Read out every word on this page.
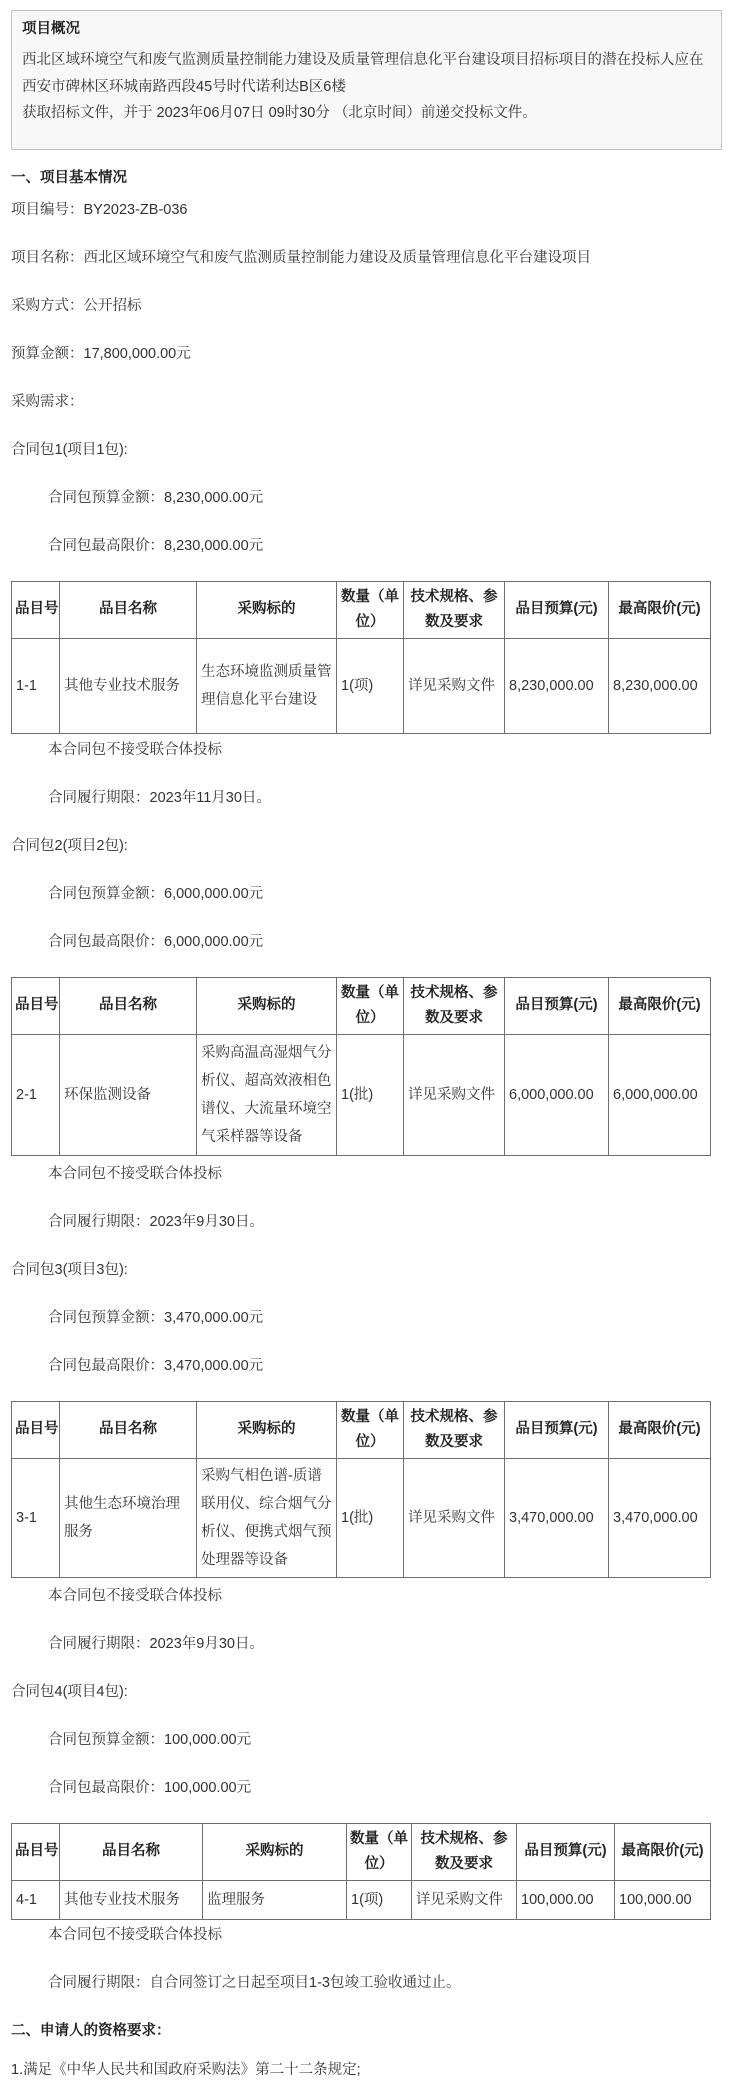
项目概况
西北区域环境空气和废气监测质量控制能力建设及质量管理信息化平台建设项目招标项目的潜在投标人应在
西安市碑林区环城南路西段45号时代诺利达B区6楼
获取招标文件，并于 2023年06月07日 09时30分 （北京时间）前递交投标文件。
一、项目基本情况

项目编号：BY2023-ZB-036

项目名称：西北区域环境空气和废气监测质量控制能力建设及质量管理信息化平台建设项目

采购方式：公开招标

预算金额：17,800,000.00元

采购需求：

合同包1(项目1包):

合同包预算金额：8,230,000.00元

合同包最高限价：8,230,000.00元

品目号	品目名称	采购标的	数量（单位）	技术规格、参数及要求	品目预算(元)	最高限价(元)
1-1	其他专业技术服务	生态环境监测质量管理信息化平台建设	1(项)	详见采购文件	8,230,000.00	8,230,000.00

本合同包不接受联合体投标

合同履行期限：2023年11月30日。

合同包2(项目2包):

合同包预算金额：6,000,000.00元

合同包最高限价：6,000,000.00元

品目号	品目名称	采购标的	数量（单位）	技术规格、参数及要求	品目预算(元)	最高限价(元)
2-1	环保监测设备	采购高温高湿烟气分析仪、超高效液相色谱仪、大流量环境空气采样器等设备	1(批)	详见采购文件	6,000,000.00	6,000,000.00

本合同包不接受联合体投标

合同履行期限：2023年9月30日。

合同包3(项目3包):

合同包预算金额：3,470,000.00元

合同包最高限价：3,470,000.00元

品目号	品目名称	采购标的	数量（单位）	技术规格、参数及要求	品目预算(元)	最高限价(元)
3-1	其他生态环境治理服务	采购气相色谱-质谱联用仪、综合烟气分析仪、便携式烟气预处理器等设备	1(批)	详见采购文件	3,470,000.00	3,470,000.00

本合同包不接受联合体投标

合同履行期限：2023年9月30日。

合同包4(项目4包):

合同包预算金额：100,000.00元

合同包最高限价：100,000.00元

品目号	品目名称	采购标的	数量（单位）	技术规格、参数及要求	品目预算(元)	最高限价(元)
4-1	其他专业技术服务	监理服务	1(项)	详见采购文件	100,000.00	100,000.00

本合同包不接受联合体投标

合同履行期限：自合同签订之日起至项目1-3包竣工验收通过止。

二、申请人的资格要求：

1.满足《中华人民共和国政府采购法》第二十二条规定;
